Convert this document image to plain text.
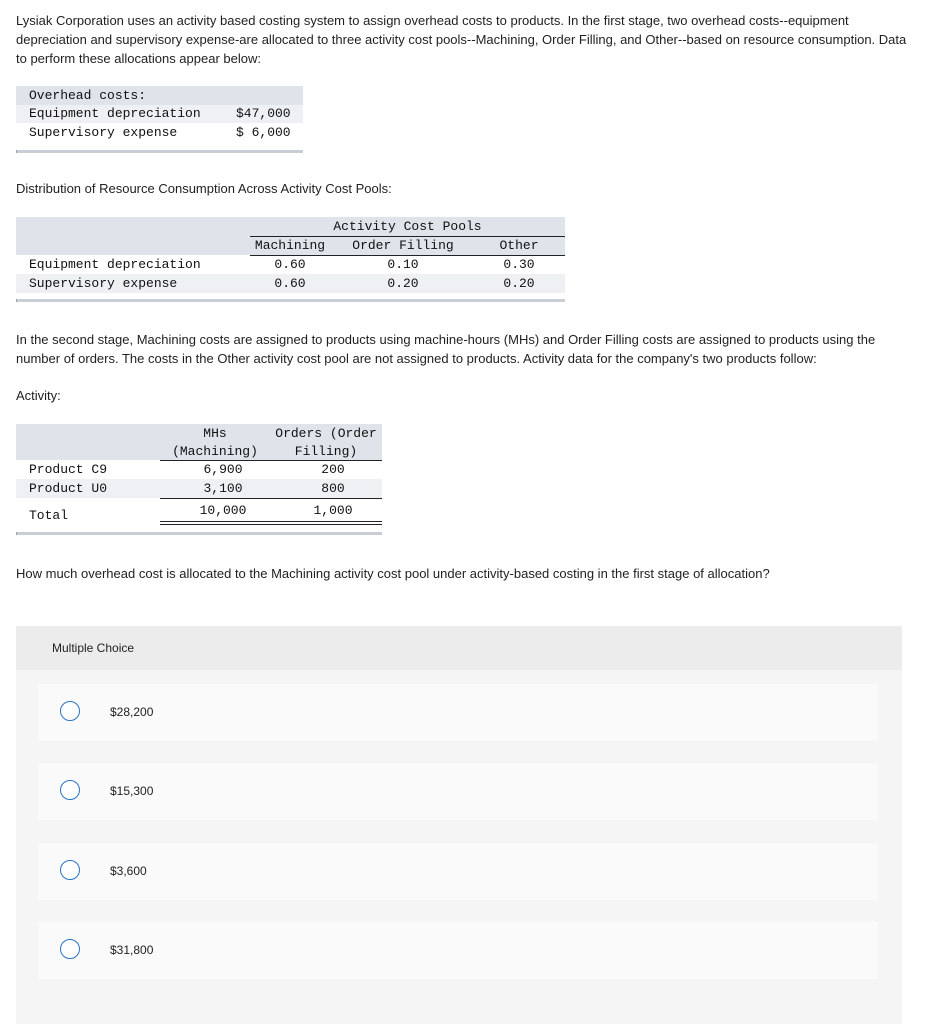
Lysiak Corporation uses an activity based costing system to assign overhead costs to products. In the first stage, two overhead costs--equipment depreciation and supervisory expense-are allocated to three activity cost pools--Machining, Order Filling, and Other--based on resource consumption. Data to perform these allocations appear below:
Overhead costs:
Equipment depreciation	$47,000
Supervisory expense	$ 6,000
Distribution of Resource Consumption Across Activity Cost Pools:
Activity Cost Pools
Machining	Order Filling	Other
Equipment depreciation	0.60	0.10	0.30
Supervisory expense	0.60	0.20	0.20
In the second stage, Machining costs are assigned to products using machine-hours (MHs) and Order Filling costs are assigned to products using the number of orders. The costs in the Other activity cost pool are not assigned to products. Activity data for the company's two products follow:
Activity:
MHs
(Machining)
Orders (Order
Filling)
Product C9	6,900	200
Product U0	3,100	800
Total	10,000	1,000
How much overhead cost is allocated to the Machining activity cost pool under activity-based costing in the first stage of allocation?
Multiple Choice
$28,200
$15,300
$3,600
$31,800
